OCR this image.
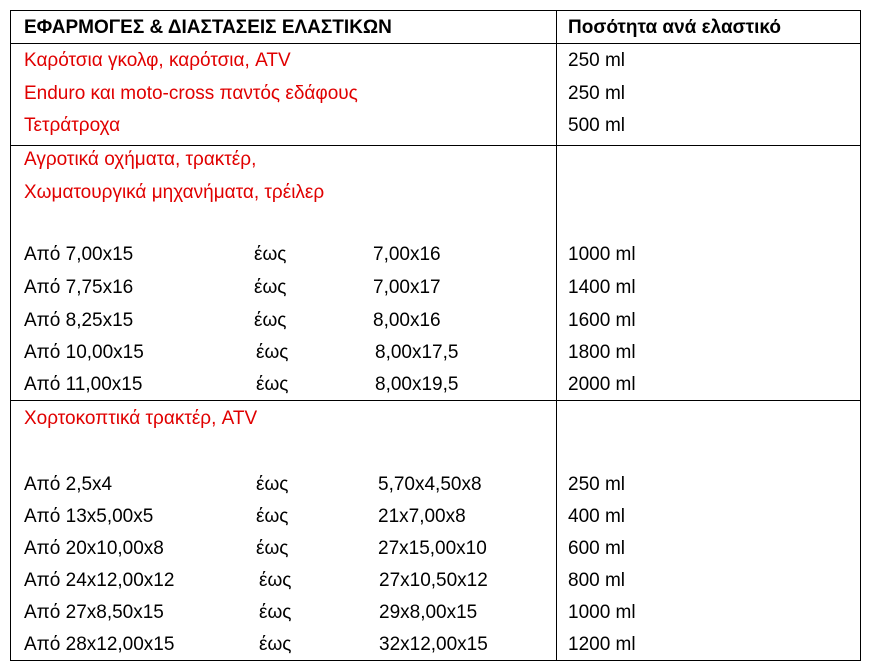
ΕΦΑΡΜΟΓΕΣ & ΔΙΑΣΤΑΣΕΙΣ ΕΛΑΣΤΙΚΩΝ	Ποσότητα ανά ελαστικό
Καρότσια γκολφ, καρότσια, ATV	250 ml
Enduro και moto-cross παντός εδάφους	250 ml
Τετράτροχα	500 ml
Αγροτικά οχήματα, τρακτέρ,
Χωματουργικά μηχανήματα, τρέιλερ
Από 7,00x15	έως	7,00x16	1000 ml
Από 7,75x16	έως	7,00x17	1400 ml
Από 8,25x15	έως	8,00x16	1600 ml
Από 10,00x15	έως	8,00x17,5	1800 ml
Από 11,00x15	έως	8,00x19,5	2000 ml
Χορτοκοπτικά τρακτέρ, ATV
Από 2,5x4	έως	5,70x4,50x8	250 ml
Από 13x5,00x5	έως	21x7,00x8	400 ml
Από 20x10,00x8	έως	27x15,00x10	600 ml
Από 24x12,00x12	έως	27x10,50x12	800 ml
Από 27x8,50x15	έως	29x8,00x15	1000 ml
Από 28x12,00x15	έως	32x12,00x15	1200 ml
